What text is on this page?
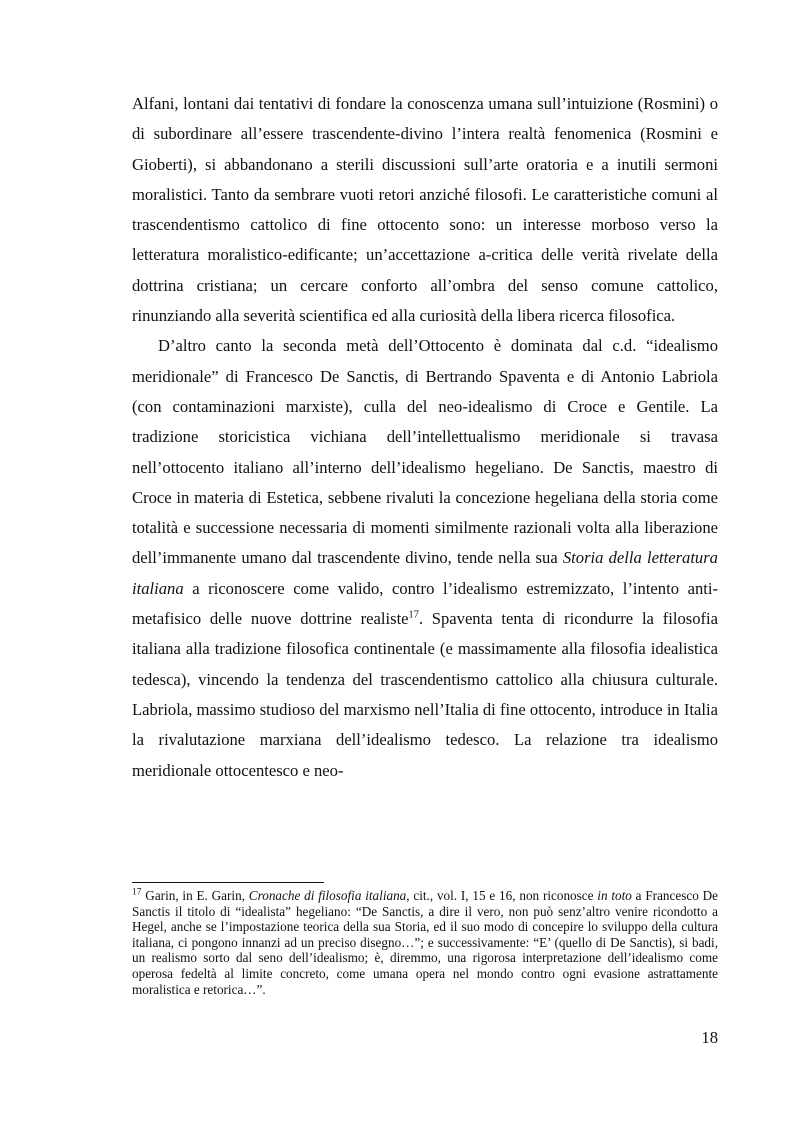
Alfani, lontani dai tentativi di fondare la conoscenza umana sull’intuizione (Rosmini) o di subordinare all’essere trascendente-divino l’intera realtà fenomenica (Rosmini e Gioberti), si abbandonano a sterili discussioni sull’arte oratoria e a inutili sermoni moralistici. Tanto da sembrare vuoti retori anziché filosofi. Le caratteristiche comuni al trascendentismo cattolico di fine ottocento sono: un interesse morboso verso la letteratura moralistico-edificante; un’accettazione a-critica delle verità rivelate della dottrina cristiana; un cercare conforto all’ombra del senso comune cattolico, rinunziando alla severità scientifica ed alla curiosità della libera ricerca filosofica.

D’altro canto la seconda metà dell’Ottocento è dominata dal c.d. “idealismo meridionale” di Francesco De Sanctis, di Bertrando Spaventa e di Antonio Labriola (con contaminazioni marxiste), culla del neo-idealismo di Croce e Gentile. La tradizione storicistica vichiana dell’intellettualismo meridionale si travasa nell’ottocento italiano all’interno dell’idealismo hegeliano. De Sanctis, maestro di Croce in materia di Estetica, sebbene rivaluti la concezione hegeliana della storia come totalità e successione necessaria di momenti similmente razionali volta alla liberazione dell’immanente umano dal trascendente divino, tende nella sua Storia della letteratura italiana a riconoscere come valido, contro l’idealismo estremizzato, l’intento anti-metafisico delle nuove dottrine realiste$^{17}$. Spaventa tenta di ricondurre la filosofia italiana alla tradizione filosofica continentale (e massimamente alla filosofia idealistica tedesca), vincendo la tendenza del trascendentismo cattolico alla chiusura culturale. Labriola, massimo studioso del marxismo nell’Italia di fine ottocento, introduce in Italia la rivalutazione marxiana dell’idealismo tedesco. La relazione tra idealismo meridionale ottocentesco e neo-

$^{17}$ Garin, in E. Garin, Cronache di filosofia italiana, cit., vol. I, 15 e 16, non riconosce in toto a Francesco De Sanctis il titolo di “idealista” hegeliano: “De Sanctis, a dire il vero, non può senz’altro venire ricondotto a Hegel, anche se l’impostazione teorica della sua Storia, ed il suo modo di concepire lo sviluppo della cultura italiana, ci pongono innanzi ad un preciso disegno…”; e successivamente: “E’ (quello di De Sanctis), si badi, un realismo sorto dal seno dell’idealismo; è, diremmo, una rigorosa interpretazione dell’idealismo come operosa fedeltà al limite concreto, come umana opera nel mondo contro ogni evasione astrattamente moralistica e retorica…”.

18
